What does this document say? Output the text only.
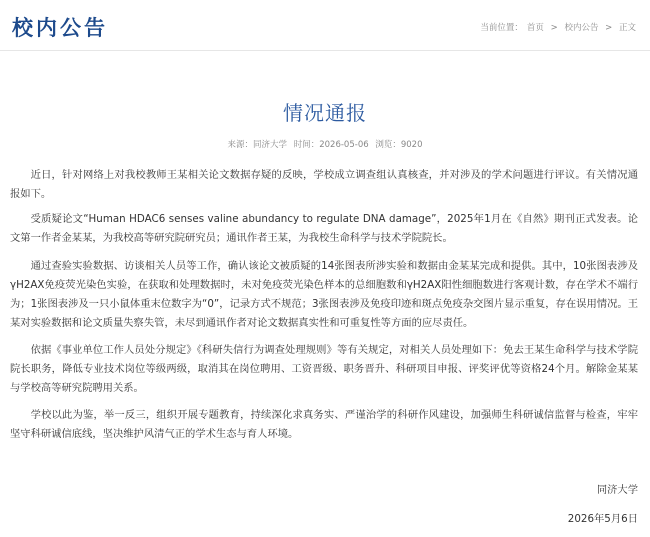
校内公告	当前位置： 首页 > 校内公告 > 正文
情况通报
来源：同济大学 时间：2026-05-06 浏览：9020

近日，针对网络上对我校教师王某相关论文数据存疑的反映，学校成立调查组认真核查，并对涉及的学术问题进行评议。有关情况通报如下。

受质疑论文“Human HDAC6 senses valine abundancy to regulate DNA damage”，2025年1月在《自然》期刊正式发表。论文第一作者金某某，为我校高等研究院研究员；通讯作者王某，为我校生命科学与技术学院院长。

通过查验实验数据、访谈相关人员等工作，确认该论文被质疑的14张图表所涉实验和数据由金某某完成和提供。其中，10张图表涉及γH2AX免疫荧光染色实验，在获取和处理数据时，未对免疫荧光染色样本的总细胞数和γH2AX阳性细胞数进行客观计数，存在学术不端行为；1张图表涉及一只小鼠体重末位数字为“0”，记录方式不规范；3张图表涉及免疫印迹和斑点免疫杂交图片显示重复，存在误用情况。王某对实验数据和论文质量失察失管，未尽到通讯作者对论文数据真实性和可重复性等方面的应尽责任。

依据《事业单位工作人员处分规定》《科研失信行为调查处理规则》等有关规定，对相关人员处理如下：免去王某生命科学与技术学院院长职务，降低专业技术岗位等级两级，取消其在岗位聘用、工资晋级、职务晋升、科研项目申报、评奖评优等资格24个月。解除金某某与学校高等研究院聘用关系。

学校以此为鉴，举一反三，组织开展专题教育，持续深化求真务实、严谨治学的科研作风建设，加强师生科研诚信监督与检查，牢牢坚守科研诚信底线，坚决维护风清气正的学术生态与育人环境。

同济大学
2026年5月6日
